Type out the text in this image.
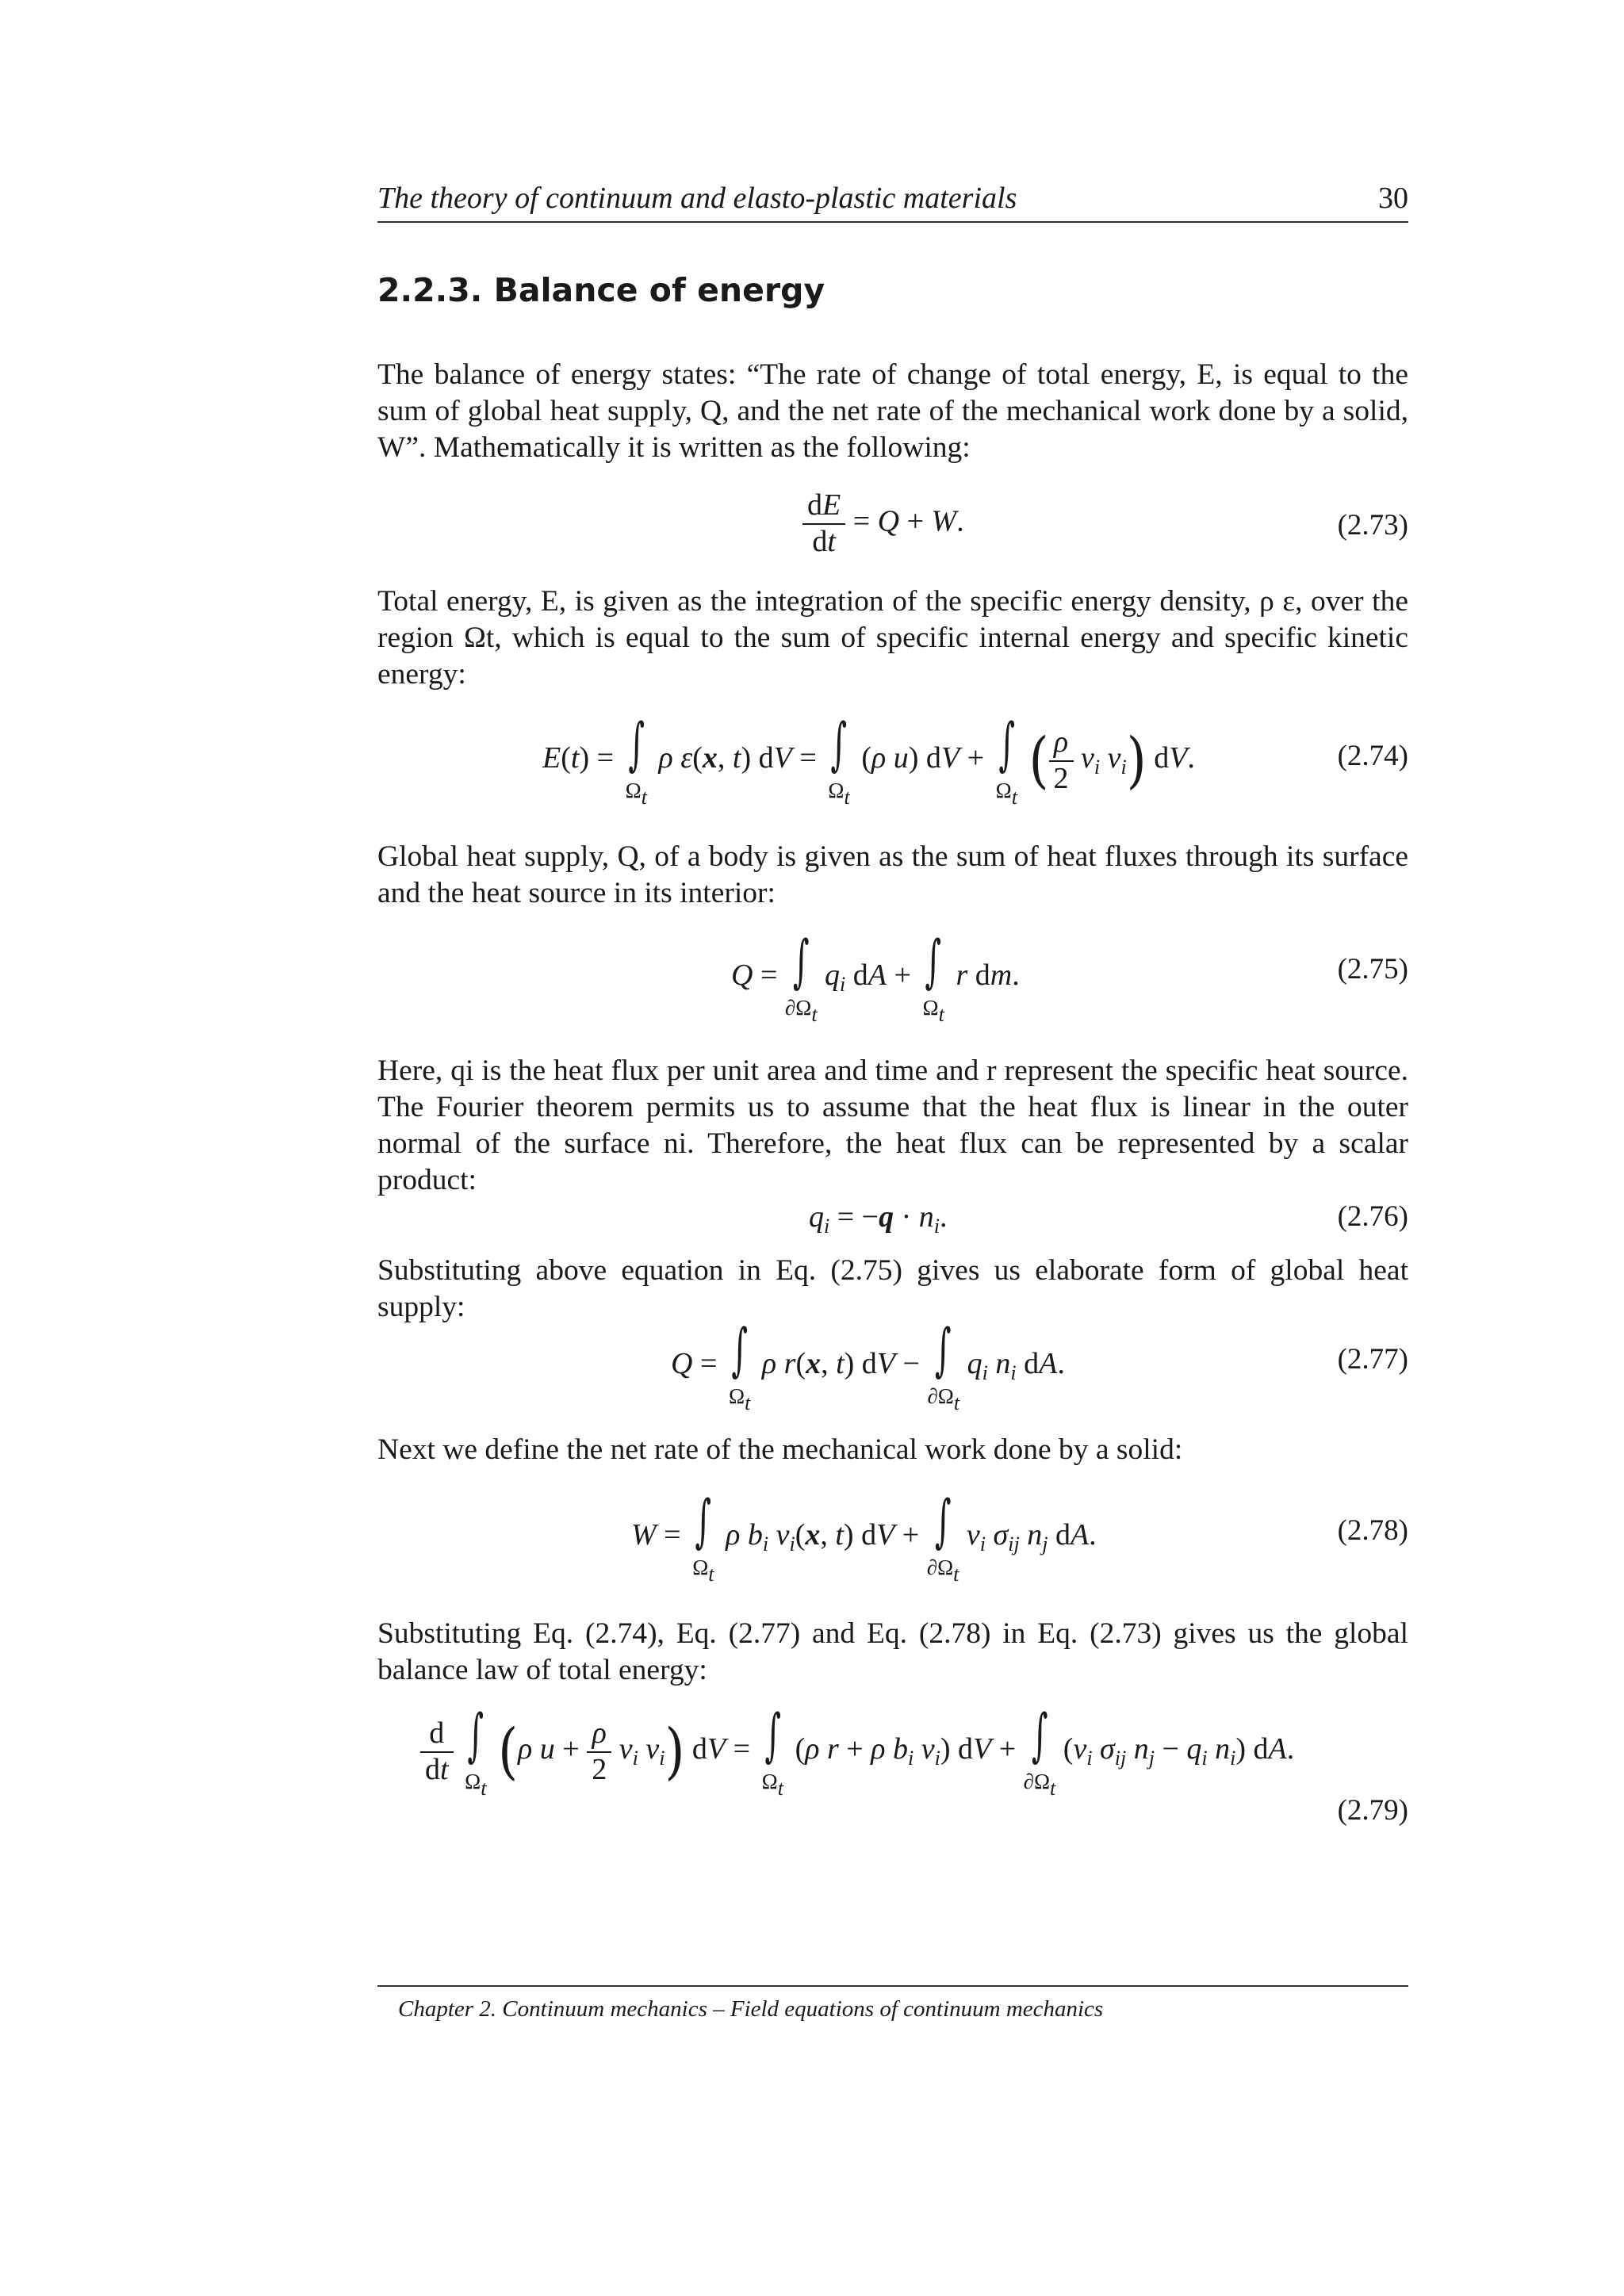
The theory of continuum and elasto-plastic materials	30
2.2.3. Balance of energy
The balance of energy states: “The rate of change of total energy, E, is equal to the sum of global heat supply, Q, and the net rate of the mechanical work done by a solid, W”. Mathematically it is written as the following:
$\frac{dE}{dt} = Q + W$.	(2.73)
Total energy, E, is given as the integration of the specific energy density, ρ ε, over the region Ωt, which is equal to the sum of specific internal energy and specific kinetic energy:
E(t) = ∫
Ωt
ρ ε(x, t) dV = ∫
Ωt
(ρ u) dV + ∫
Ωt
( $\frac{\rho}{2} v_i$ $v_i$) dV.	(2.74)
Global heat supply, Q, of a body is given as the sum of heat fluxes through its surface and the heat source in its interior:
Q = ∫
∂Ωt
$q_i$ dA + ∫
Ωt
r dm.	(2.75)
Here, qi is the heat flux per unit area and time and r represent the specific heat source. The Fourier theorem permits us to assume that the heat flux is linear in the outer normal of the surface ni. Therefore, the heat flux can be represented by a scalar product:
$q_i = -q \cdot n_i$.	(2.76)
Substituting above equation in Eq. (2.75) gives us elaborate form of global heat supply:
Q = ∫
Ωt
ρ r(x, t) dV − ∫
∂Ωt
$q_i$ $n_i$ dA.	(2.77)
Next we define the net rate of the mechanical work done by a solid:
W = ∫
Ωt
ρ $b_i$ $v_i(x$, t) dV + ∫
∂Ωt
$v_i$ $\sigma_{ij}$ $n_j$ dA.	(2.78)
Substituting Eq. (2.74), Eq. (2.77) and Eq. (2.78) in Eq. (2.73) gives us the global balance law of total energy:
$\frac{d}{dt}$
∫
Ωt
(ρ $u + \frac{\rho}{2} v_i$ $v_i$) dV = ∫
Ωt
(ρ r + ρ $b_i$ $v_i$) dV + ∫
∂Ωt
($v_i$ $\sigma_{ij}$ $n_j - q_i$ $n_i$) dA.
(2.79)
Chapter 2. Continuum mechanics – Field equations of continuum mechanics
